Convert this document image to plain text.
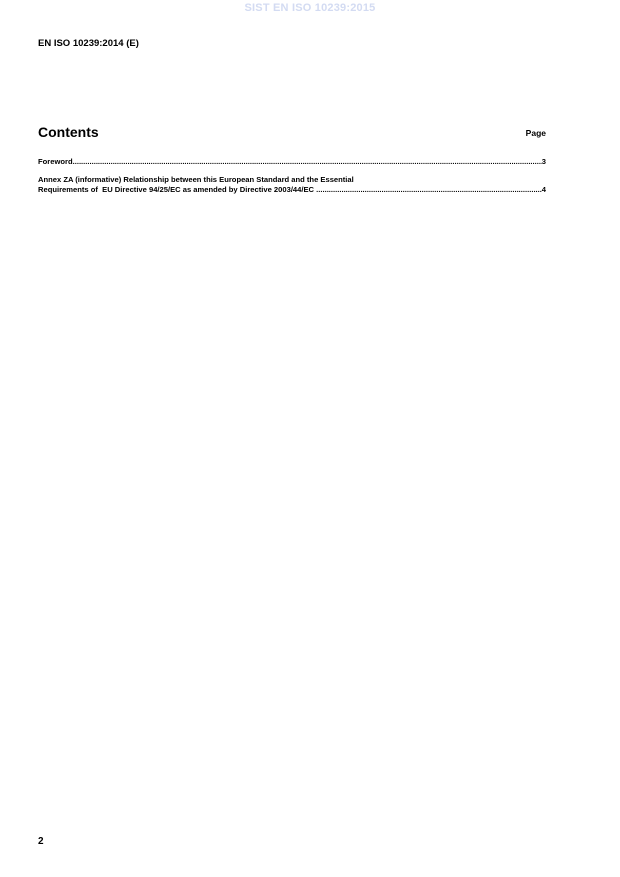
SIST EN ISO 10239:2015
EN ISO 10239:2014 (E)
Contents	Page
Foreword .....	3
Annex ZA (informative) Relationship between this European Standard and the Essential
Requirements of  EU Directive 94/25/EC as amended by Directive 2003/44/EC .....	4
2
